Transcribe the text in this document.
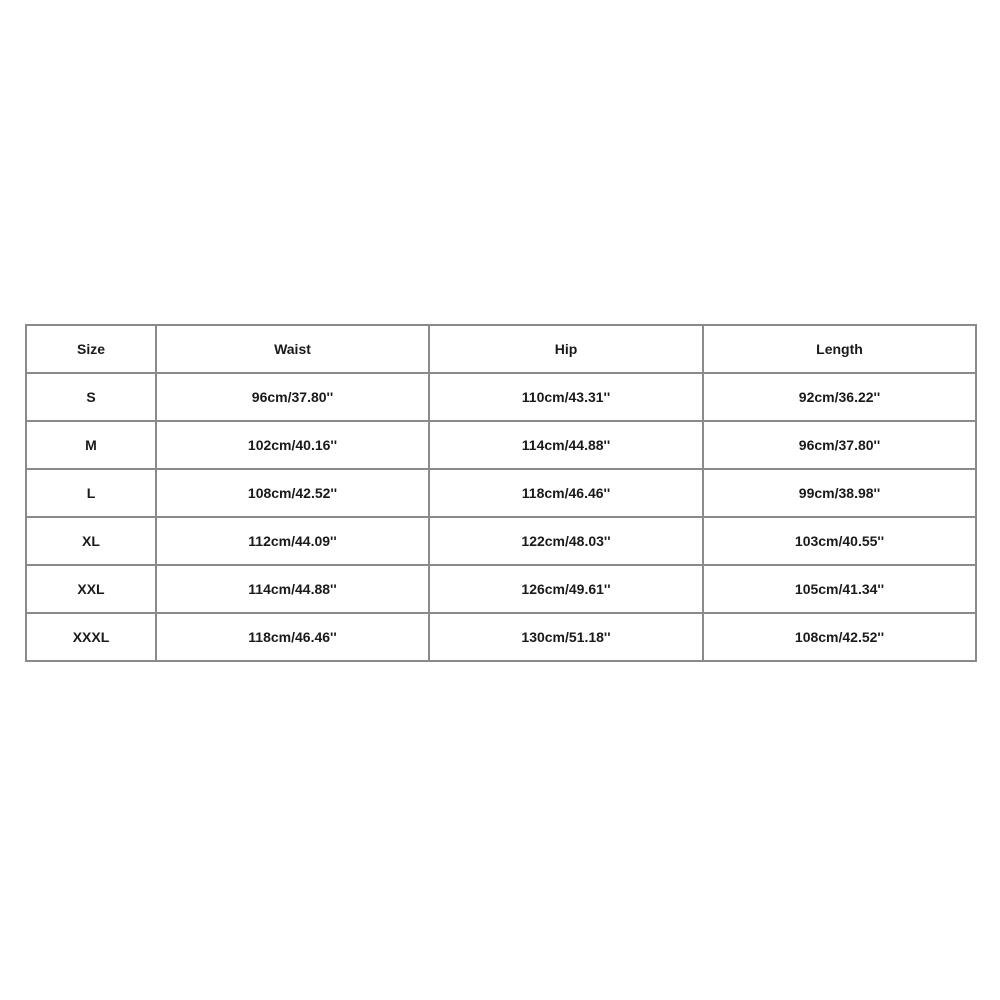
Size	Waist	Hip	Length
S	96cm/37.80''	110cm/43.31''	92cm/36.22''
M	102cm/40.16''	114cm/44.88''	96cm/37.80''
L	108cm/42.52''	118cm/46.46''	99cm/38.98''
XL	112cm/44.09''	122cm/48.03''	103cm/40.55''
XXL	114cm/44.88''	126cm/49.61''	105cm/41.34''
XXXL	118cm/46.46''	130cm/51.18''	108cm/42.52''
